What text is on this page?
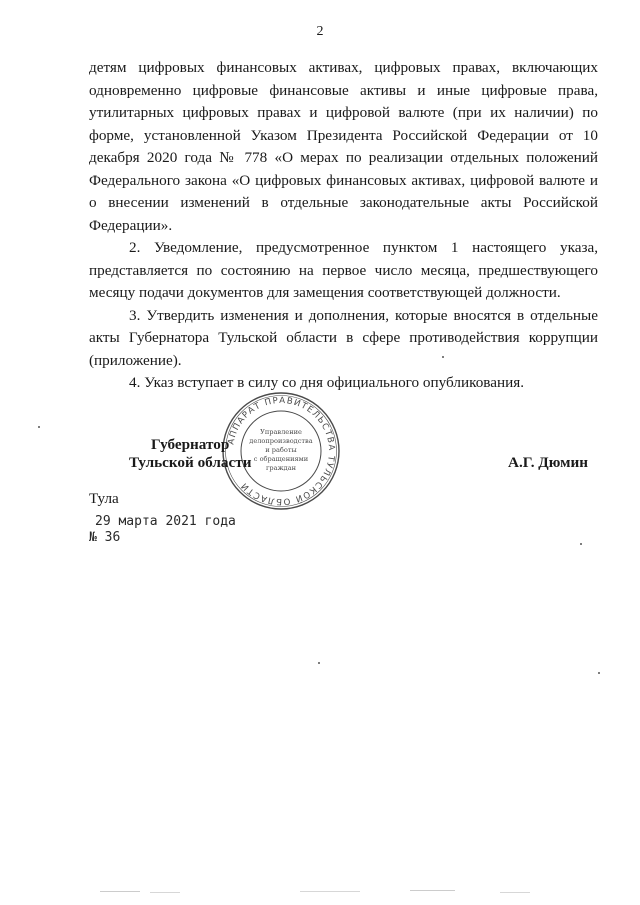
2

детям цифровых финансовых активах, цифровых правах, включающих одновременно цифровые финансовые активы и иные цифровые права, утилитарных цифровых правах и цифровой валюте (при их наличии) по форме, установленной Указом Президента Российской Федерации от 10 декабря 2020 года № 778 «О мерах по реализации отдельных положений Федерального закона «О цифровых финансовых активах, цифровой валюте и о внесении изменений в отдельные законодательные акты Российской Федерации».

2. Уведомление, предусмотренное пунктом 1 настоящего указа, представляется по состоянию на первое число месяца, предшествующего месяцу подачи документов для замещения соответствующей должности.

3. Утвердить изменения и дополнения, которые вносятся в отдельные акты Губернатора Тульской области в сфере противодействия коррупции (приложение).

4. Указ вступает в силу со дня официального опубликования.

АППАРАТ ПРАВИТЕЛЬСТВА ТУЛЬСКОЙ ОБЛАСТИ
Управление
делопроизводства
и работы
с обращениями
граждан
Губернатор
Тульской области	А.Г. Дюмин
Тула
29 марта 2021 года
№ 36
